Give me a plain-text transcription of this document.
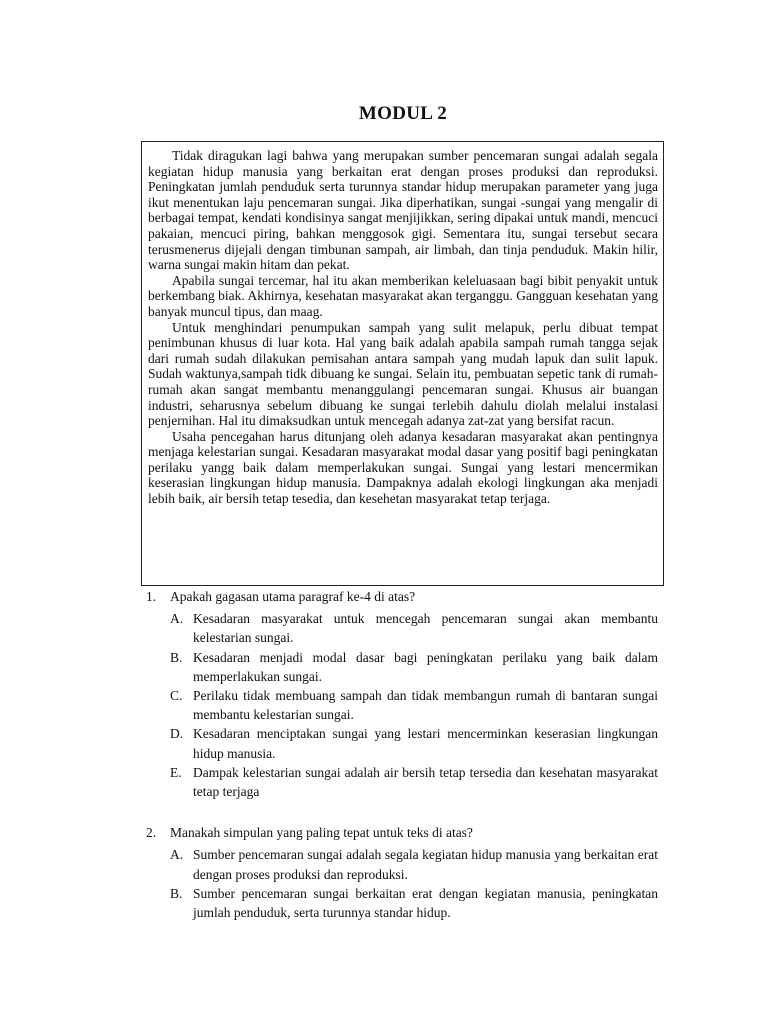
MODUL 2

Tidak diragukan lagi bahwa yang merupakan sumber pencemaran sungai adalah segala kegiatan hidup manusia yang berkaitan erat dengan proses produksi dan reproduksi. Peningkatan jumlah penduduk serta turunnya standar hidup merupakan parameter yang juga ikut menentukan laju pencemaran sungai. Jika diperhatikan, sungai -sungai yang mengalir di berbagai tempat, kendati kondisinya sangat menjijikkan, sering dipakai untuk mandi, mencuci pakaian, mencuci piring, bahkan menggosok gigi. Sementara itu, sungai tersebut secara terusmenerus dijejali dengan timbunan sampah, air limbah, dan tinja penduduk. Makin hilir, warna sungai makin hitam dan pekat.

Apabila sungai tercemar, hal itu akan memberikan keleluasaan bagi bibit penyakit untuk berkembang biak. Akhirnya, kesehatan masyarakat akan terganggu. Gangguan kesehatan yang banyak muncul tipus, dan maag.

Untuk menghindari penumpukan sampah yang sulit melapuk, perlu dibuat tempat penimbunan khusus di luar kota. Hal yang baik adalah apabila sampah rumah tangga sejak dari rumah sudah dilakukan pemisahan antara sampah yang mudah lapuk dan sulit lapuk. Sudah waktunya,sampah tidk dibuang ke sungai. Selain itu, pembuatan sepetic tank di rumah-rumah akan sangat membantu menanggulangi pencemaran sungai. Khusus air buangan industri, seharusnya sebelum dibuang ke sungai terlebih dahulu diolah melalui instalasi penjernihan. Hal itu dimaksudkan untuk mencegah adanya zat-zat yang bersifat racun.

Usaha pencegahan harus ditunjang oleh adanya kesadaran masyarakat akan pentingnya menjaga kelestarian sungai. Kesadaran masyarakat modal dasar yang positif bagi peningkatan perilaku yangg baik dalam memperlakukan sungai. Sungai yang lestari mencermikan keserasian lingkungan hidup manusia. Dampaknya adalah ekologi lingkungan aka menjadi lebih baik, air bersih tetap tesedia, dan kesehetan masyarakat tetap terjaga.

1.	Apakah gagasan utama paragraf ke-4 di atas?
A. Kesadaran masyarakat untuk mencegah pencemaran sungai akan membantu kelestarian sungai.
B. Kesadaran menjadi modal dasar bagi peningkatan perilaku yang baik dalam memperlakukan sungai.
C. Perilaku tidak membuang sampah dan tidak membangun rumah di bantaran sungai membantu kelestarian sungai.
D. Kesadaran menciptakan sungai yang lestari mencerminkan keserasian lingkungan hidup manusia.
E. Dampak kelestarian sungai adalah air bersih tetap tersedia dan kesehatan masyarakat tetap terjaga
2.	Manakah simpulan yang paling tepat untuk teks di atas?
A. Sumber pencemaran sungai adalah segala kegiatan hidup manusia yang berkaitan erat dengan proses produksi dan reproduksi.
B. Sumber pencemaran sungai berkaitan erat dengan kegiatan manusia, peningkatan jumlah penduduk, serta turunnya standar hidup.
